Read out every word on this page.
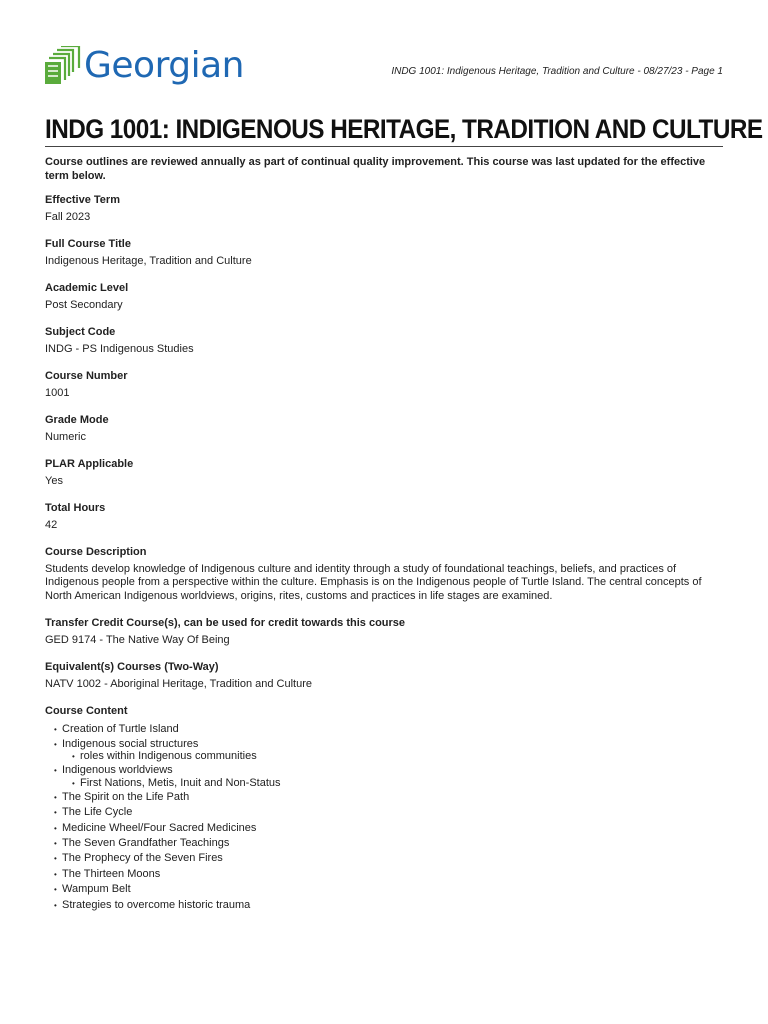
Georgian	INDG 1001: Indigenous Heritage, Tradition and Culture - 08/27/23 - Page 1
INDG 1001: INDIGENOUS HERITAGE, TRADITION AND CULTURE

Course outlines are reviewed annually as part of continual quality improvement. This course was last updated for the effective term below.

Effective Term
Fall 2023
Full Course Title
Indigenous Heritage, Tradition and Culture
Academic Level
Post Secondary
Subject Code
INDG - PS Indigenous Studies
Course Number
1001
Grade Mode
Numeric
PLAR Applicable
Yes
Total Hours
42
Course Description
Students develop knowledge of Indigenous culture and identity through a study of foundational teachings, beliefs, and practices of Indigenous people from a perspective within the culture. Emphasis is on the Indigenous people of Turtle Island. The central concepts of North American Indigenous worldviews, origins, rites, customs and practices in life stages are examined.
Transfer Credit Course(s), can be used for credit towards this course
GED 9174 - The Native Way Of Being
Equivalent(s) Courses (Two-Way)
NATV 1002 - Aboriginal Heritage, Tradition and Culture
Course Content
• Creation of Turtle Island
• Indigenous social structures
• roles within Indigenous communities
• Indigenous worldviews
• First Nations, Metis, Inuit and Non-Status
• The Spirit on the Life Path
• The Life Cycle
• Medicine Wheel/Four Sacred Medicines
• The Seven Grandfather Teachings
• The Prophecy of the Seven Fires
• The Thirteen Moons
• Wampum Belt
• Strategies to overcome historic trauma
